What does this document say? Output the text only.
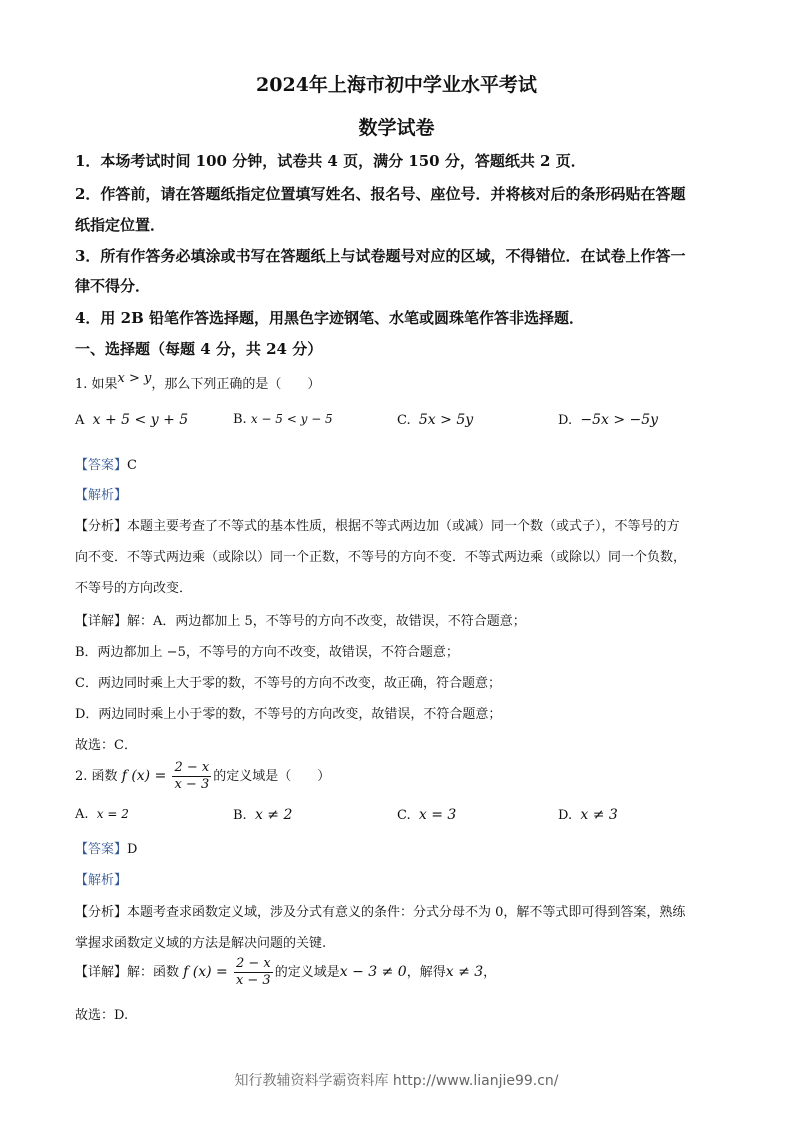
2024年上海市初中学业水平考试
数学试卷
1．本场考试时间 100 分钟，试卷共 4 页，满分 150 分，答题纸共 2 页．
2．作答前，请在答题纸指定位置填写姓名、报名号、座位号．并将核对后的条形码贴在答题
纸指定位置．
3．所有作答务必填涂或书写在答题纸上与试卷题号对应的区域，不得错位．在试卷上作答一
律不得分．
4．用 2B 铅笔作答选择题，用黑色字迹钢笔、水笔或圆珠笔作答非选择题．
一、选择题（每题 4 分，共 24 分）
1. 如果x > y，那么下列正确的是（　　）
A x + 5 < y + 5	B. x − 5 < y − 5	C. 5x > 5y	D. −5x > −5y
【答案】C
【解析】
【分析】本题主要考查了不等式的基本性质，根据不等式两边加（或减）同一个数（或式子），不等号的方
向不变．不等式两边乘（或除以）同一个正数，不等号的方向不变．不等式两边乘（或除以）同一个负数，
不等号的方向改变．
【详解】解：A．两边都加上 5，不等号的方向不改变，故错误，不符合题意；
B．两边都加上 −5，不等号的方向不改变，故错误，不符合题意；
C．两边同时乘上大于零的数，不等号的方向不改变，故正确，符合题意；
D．两边同时乘上小于零的数，不等号的方向改变，故错误，不符合题意；
故选：C．
2. 函数 f $(x) = \frac{2 - x}{x - 3}$ 的定义域是（　　）
A. x = 2	B. x ≠ 2	C. x = 3	D. x ≠ 3
【答案】D
【解析】
【分析】本题考查求函数定义域，涉及分式有意义的条件：分式分母不为 0，解不等式即可得到答案，熟练
掌握求函数定义域的方法是解决问题的关键.
【详解】解：函数 f $(x) = \frac{2 - x}{x - 3}$ 的定义域是x − 3 ≠ 0，解得x ≠ 3，
故选：D.
知行教辅资料学霸资料库 http://www.lianjie99.cn/
